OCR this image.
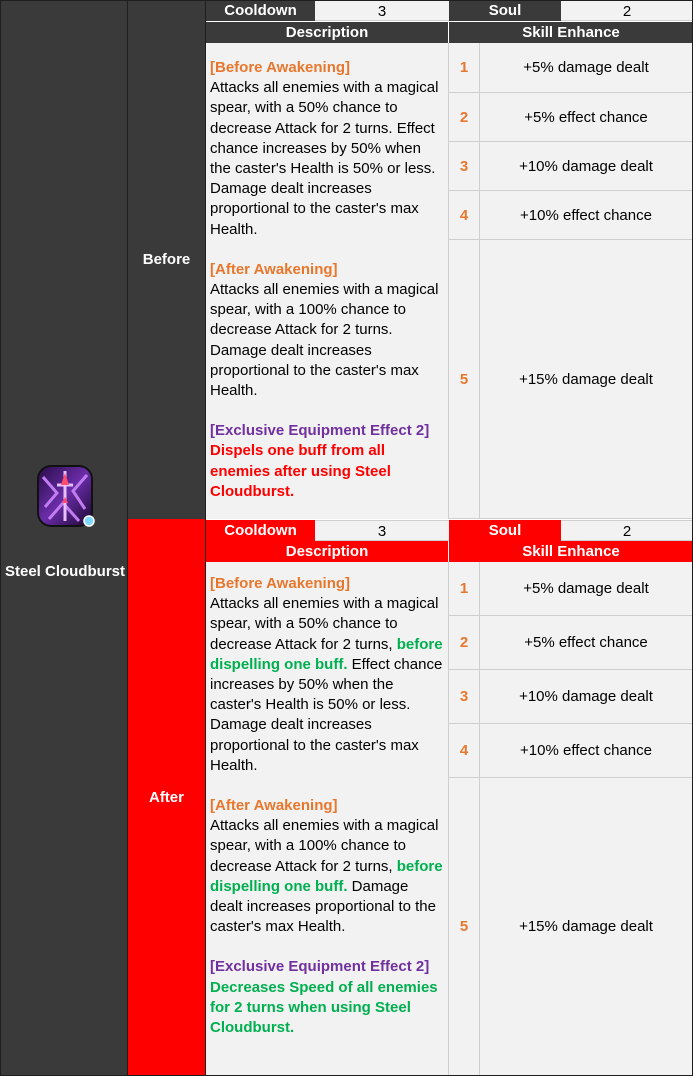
Steel Cloudburst
Before
After
Cooldown	3	Soul	2
Description	Skill Enhance

[Before Awakening]

Attacks all enemies with a magical spear, with a 50% chance to decrease Attack for 2 turns. Effect chance increases by 50% when the caster's Health is 50% or less. Damage dealt increases proportional to the caster's max Health.

[After Awakening]

Attacks all enemies with a magical spear, with a 100% chance to decrease Attack for 2 turns. Damage dealt increases proportional to the caster's max Health.

[Exclusive Equipment Effect 2]

Dispels one buff from all enemies after using Steel Cloudburst.

1	+5% damage dealt
2	+5% effect chance
3	+10% damage dealt
4	+10% effect chance
5	+15% damage dealt
Cooldown	3	Soul	2
Description	Skill Enhance

[Before Awakening]

Attacks all enemies with a magical spear, with a 50% chance to decrease Attack for 2 turns, before dispelling one buff. Effect chance increases by 50% when the caster's Health is 50% or less. Damage dealt increases proportional to the caster's max Health.

[After Awakening]

Attacks all enemies with a magical spear, with a 100% chance to decrease Attack for 2 turns, before dispelling one buff. Damage dealt increases proportional to the caster's max Health.

[Exclusive Equipment Effect 2]

Decreases Speed of all enemies for 2 turns when using Steel Cloudburst.

1	+5% damage dealt
2	+5% effect chance
3	+10% damage dealt
4	+10% effect chance
5	+15% damage dealt
